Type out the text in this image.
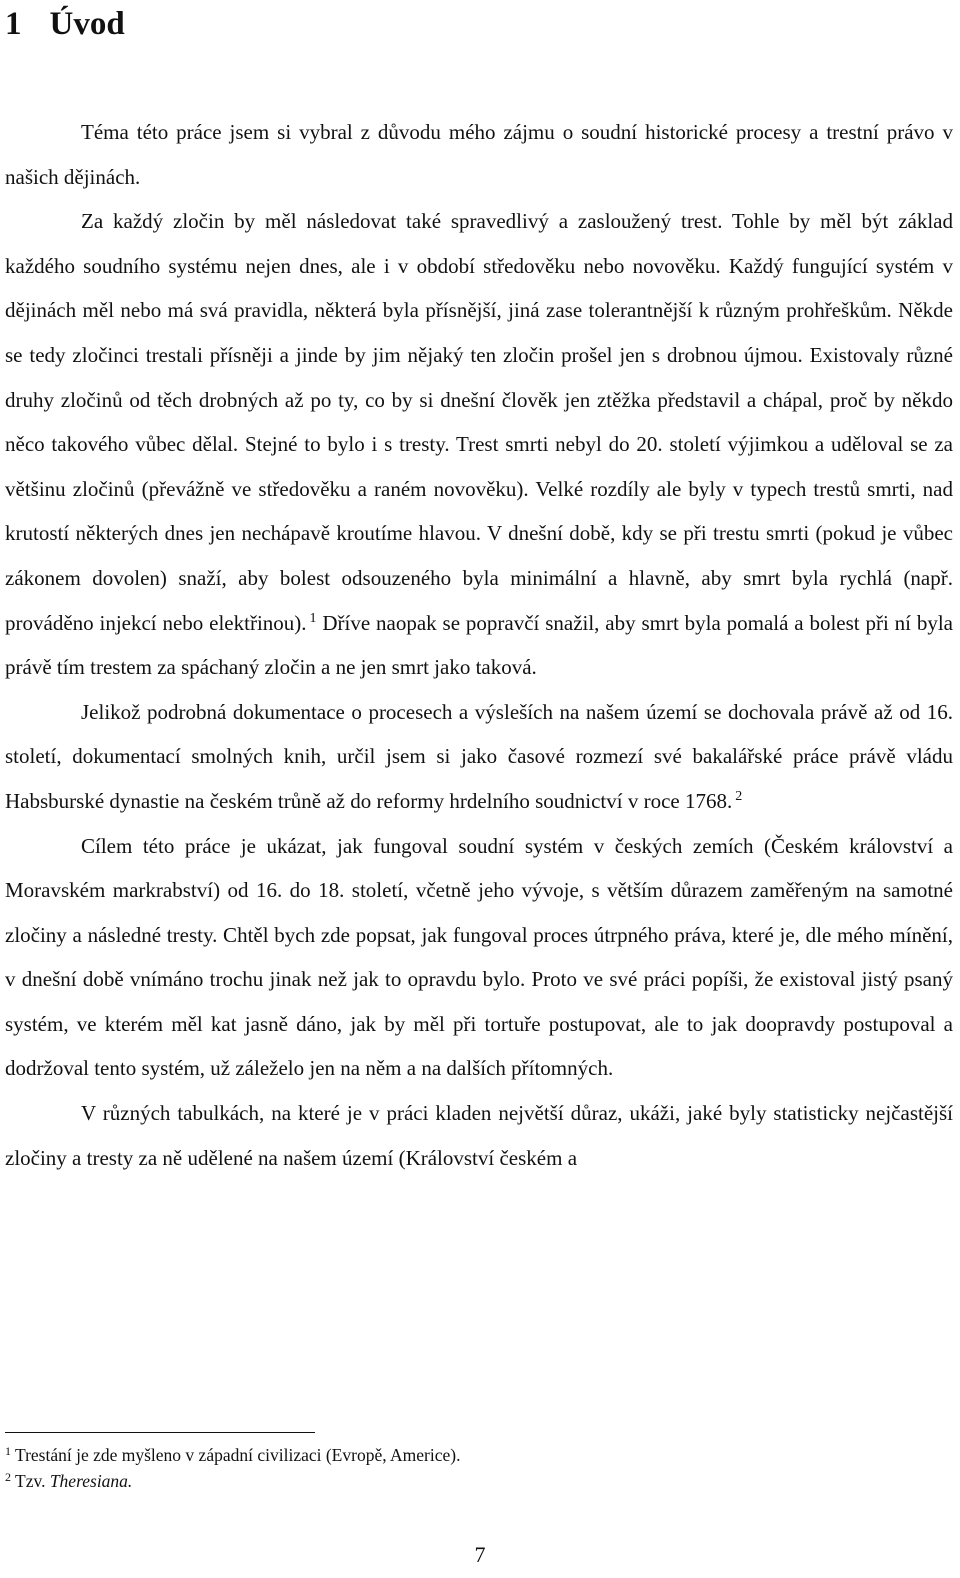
1 Úvod

Téma této práce jsem si vybral z důvodu mého zájmu o soudní historické procesy a trestní právo v našich dějinách.

Za každý zločin by měl následovat také spravedlivý a zasloužený trest. Tohle by měl být základ každého soudního systému nejen dnes, ale i v období středověku nebo novověku. Každý fungující systém v dějinách měl nebo má svá pravidla, některá byla přísnější, jiná zase tolerantnější k různým prohřeškům. Někde se tedy zločinci trestali přísněji a jinde by jim nějaký ten zločin prošel jen s drobnou újmou. Existovaly různé druhy zločinů od těch drobných až po ty, co by si dnešní člověk jen ztěžka představil a chápal, proč by někdo něco takového vůbec dělal. Stejné to bylo i s tresty. Trest smrti nebyl do 20. století výjimkou a uděloval se za většinu zločinů (převážně ve středověku a raném novověku). Velké rozdíly ale byly v typech trestů smrti, nad krutostí některých dnes jen nechápavě kroutíme hlavou. V dnešní době, kdy se při trestu smrti (pokud je vůbec zákonem dovolen) snaží, aby bolest odsouzeného byla minimální a hlavně, aby smrt byla rychlá (např. prováděno injekcí nebo elektřinou). $^1$ Dříve naopak se popravčí snažil, aby smrt byla pomalá a bolest při ní byla právě tím trestem za spáchaný zločin a ne jen smrt jako taková.

Jelikož podrobná dokumentace o procesech a výsleších na našem území se dochovala právě až od 16. století, dokumentací smolných knih, určil jsem si jako časové rozmezí své bakalářské práce právě vládu Habsburské dynastie na českém trůně až do reformy hrdelního soudnictví v roce 1768. $^2$

Cílem této práce je ukázat, jak fungoval soudní systém v českých zemích (Českém království a Moravském markrabství) od 16. do 18. století, včetně jeho vývoje, s větším důrazem zaměřeným na samotné zločiny a následné tresty. Chtěl bych zde popsat, jak fungoval proces útrpného práva, které je, dle mého mínění, v dnešní době vnímáno trochu jinak než jak to opravdu bylo. Proto ve své práci popíši, že existoval jistý psaný systém, ve kterém měl kat jasně dáno, jak by měl při tortuře postupovat, ale to jak doopravdy postupoval a dodržoval tento systém, už záleželo jen na něm a na dalších přítomných.

V různých tabulkách, na které je v práci kladen největší důraz, ukáži, jaké byly statisticky nejčastější zločiny a tresty za ně udělené na našem území (Království českém a

$^1$ Trestání je zde myšleno v západní civilizaci (Evropě, Americe).
$^2$ Tzv. Theresiana.
7
